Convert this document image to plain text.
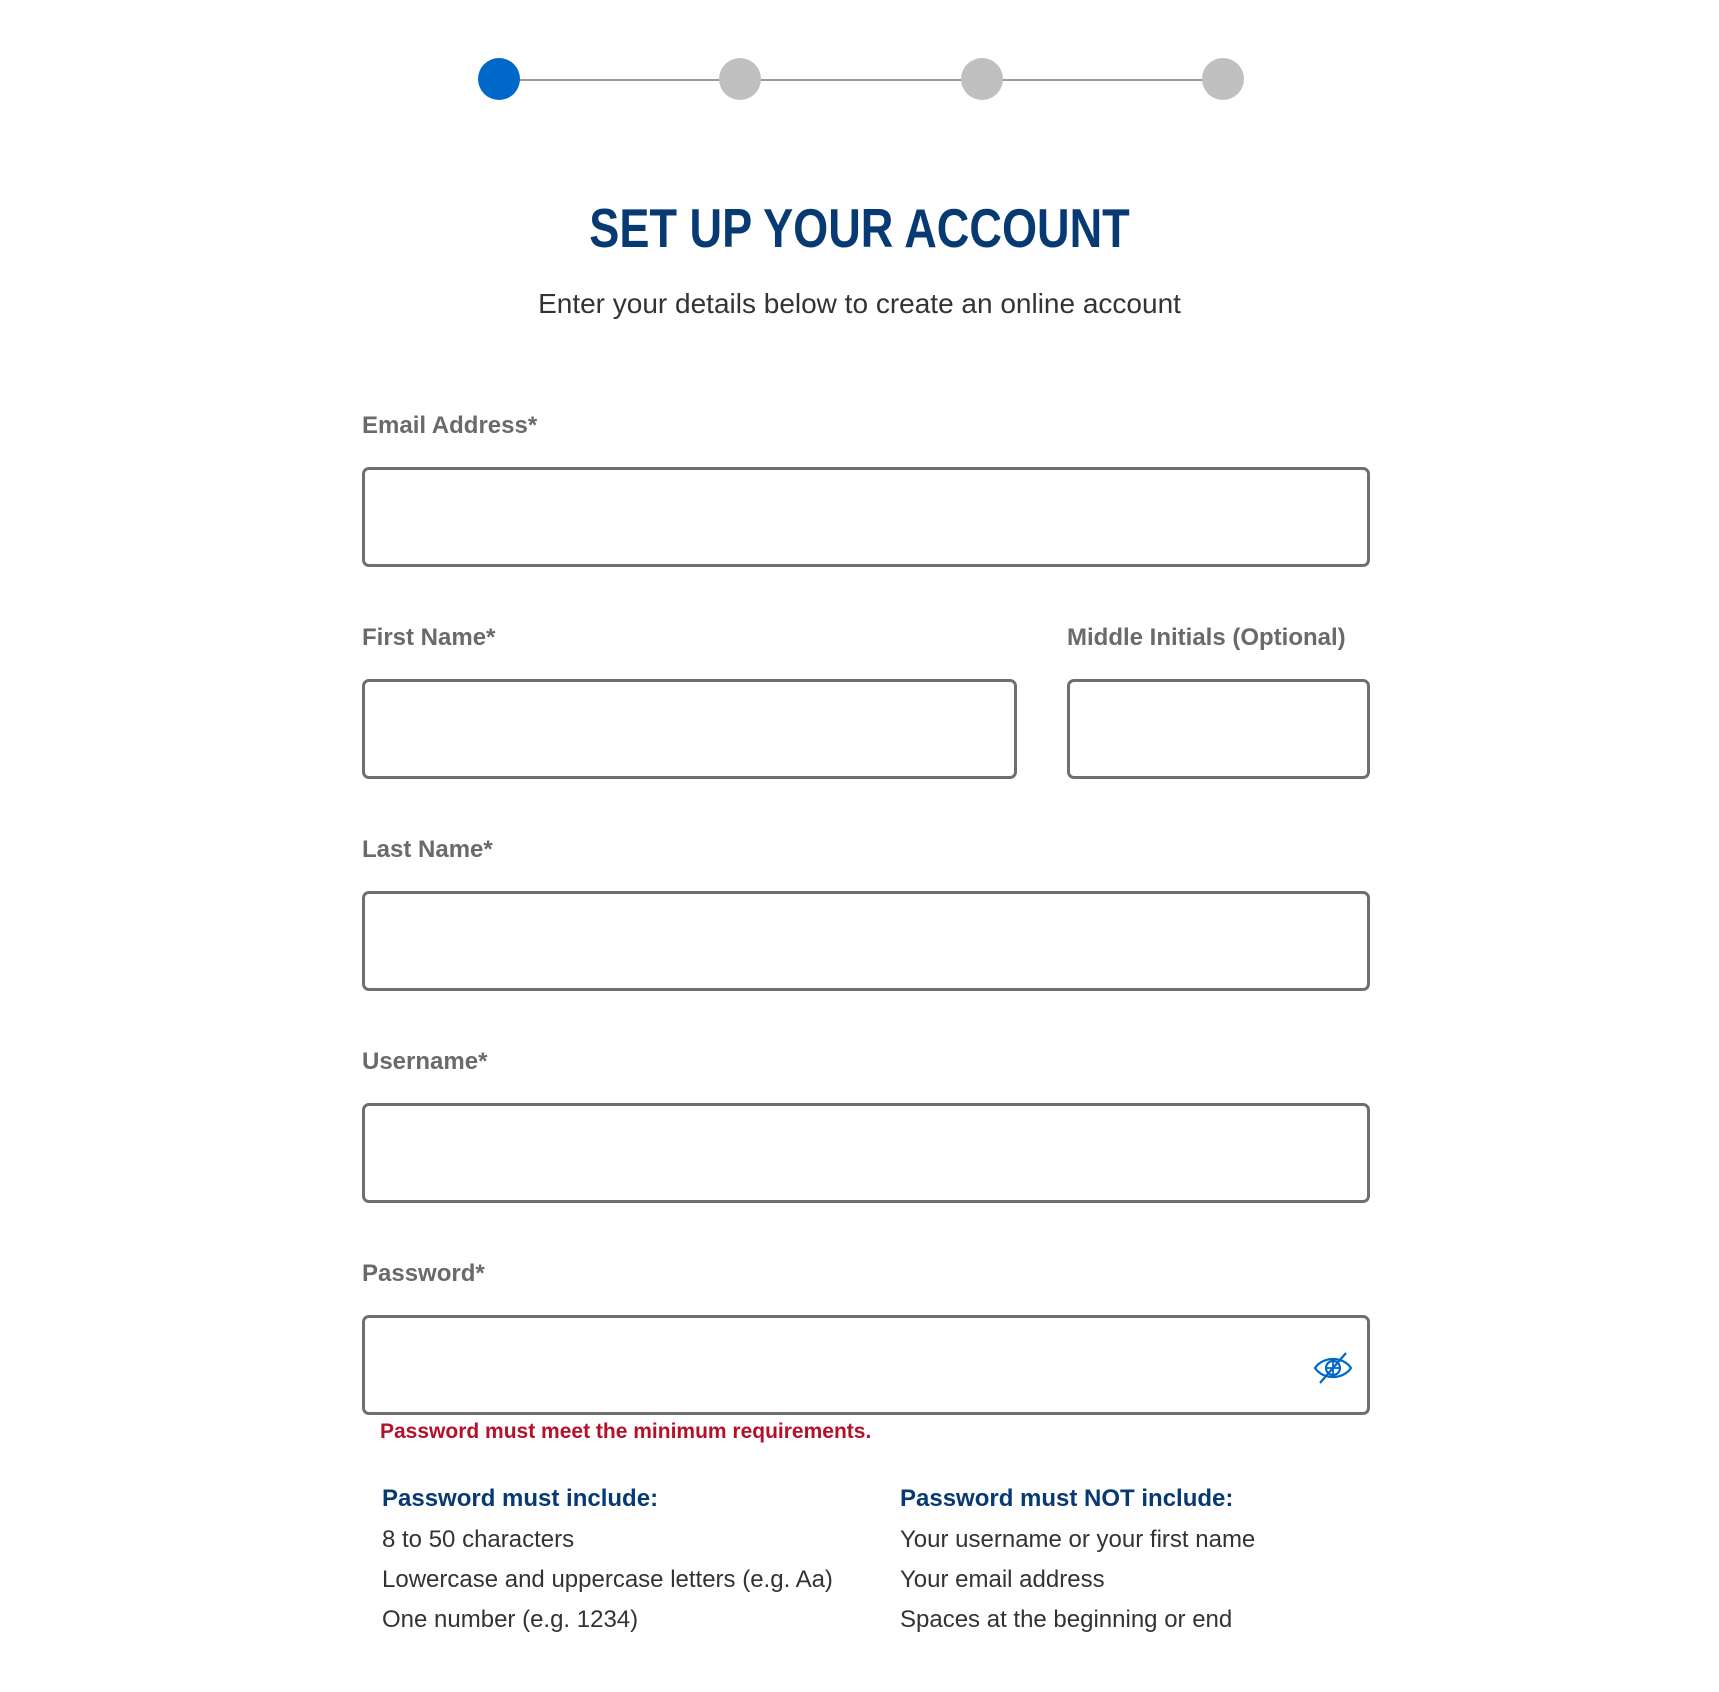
SET UP YOUR ACCOUNT
Enter your details below to create an online account
Email Address*
First Name*	Middle Initials (Optional)
Last Name*
Username*
Password*
Password must meet the minimum requirements.
Password must include:
8 to 50 characters
Lowercase and uppercase letters (e.g. Aa)
One number (e.g. 1234)
Password must NOT include:
Your username or your first name
Your email address
Spaces at the beginning or end
